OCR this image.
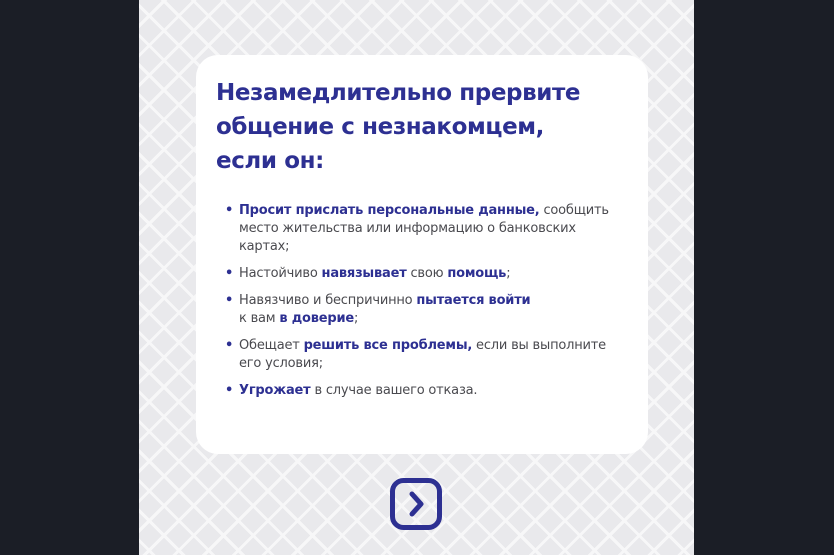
Незамедлительно прервите общение с незнакомцем, если он:
• Просит прислать персональные данные, сообщить место жительства или информацию о банковских картах;
• Настойчиво навязывает свою помощь;
• Навязчиво и беспричинно пытается войти
к вам в доверие;
• Обещает решить все проблемы, если вы выполните его условия;
• Угрожает в случае вашего отказа.
